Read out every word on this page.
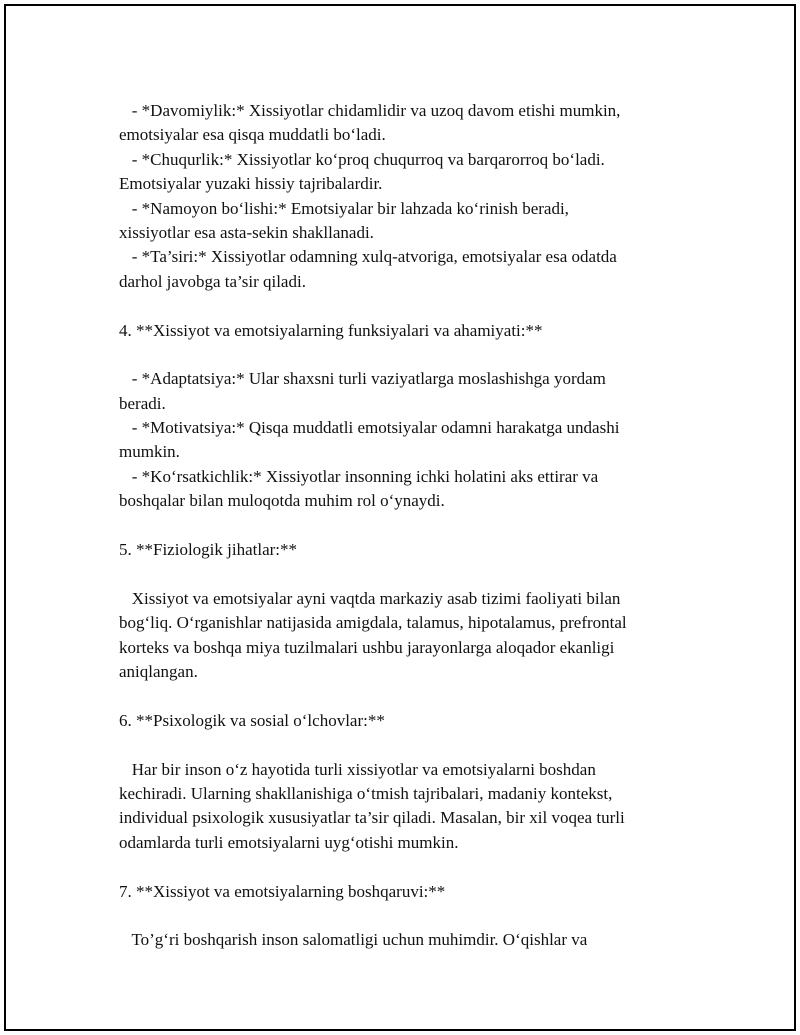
- *Davomiylik:* Xissiyotlar chidamlidir va uzoq davom etishi mumkin,
emotsiyalar esa qisqa muddatli bo‘ladi.
- *Chuqurlik:* Xissiyotlar ko‘proq chuqurroq va barqarorroq bo‘ladi.
Emotsiyalar yuzaki hissiy tajribalardir.
- *Namoyon bo‘lishi:* Emotsiyalar bir lahzada ko‘rinish beradi,
xissiyotlar esa asta-sekin shakllanadi.
- *Ta’siri:* Xissiyotlar odamning xulq-atvoriga, emotsiyalar esa odatda
darhol javobga ta’sir qiladi.
4. **Xissiyot va emotsiyalarning funksiyalari va ahamiyati:**
- *Adaptatsiya:* Ular shaxsni turli vaziyatlarga moslashishga yordam
beradi.
- *Motivatsiya:* Qisqa muddatli emotsiyalar odamni harakatga undashi
mumkin.
- *Ko‘rsatkichlik:* Xissiyotlar insonning ichki holatini aks ettirar va
boshqalar bilan muloqotda muhim rol o‘ynaydi.
5. **Fiziologik jihatlar:**
Xissiyot va emotsiyalar ayni vaqtda markaziy asab tizimi faoliyati bilan
bog‘liq. O‘rganishlar natijasida amigdala, talamus, hipotalamus, prefrontal
korteks va boshqa miya tuzilmalari ushbu jarayonlarga aloqador ekanligi
aniqlangan.
6. **Psixologik va sosial o‘lchovlar:**
Har bir inson o‘z hayotida turli xissiyotlar va emotsiyalarni boshdan
kechiradi. Ularning shakllanishiga o‘tmish tajribalari, madaniy kontekst,
individual psixologik xususiyatlar ta’sir qiladi. Masalan, bir xil voqea turli
odamlarda turli emotsiyalarni uyg‘otishi mumkin.
7. **Xissiyot va emotsiyalarning boshqaruvi:**
To’g‘ri boshqarish inson salomatligi uchun muhimdir. O‘qishlar va
